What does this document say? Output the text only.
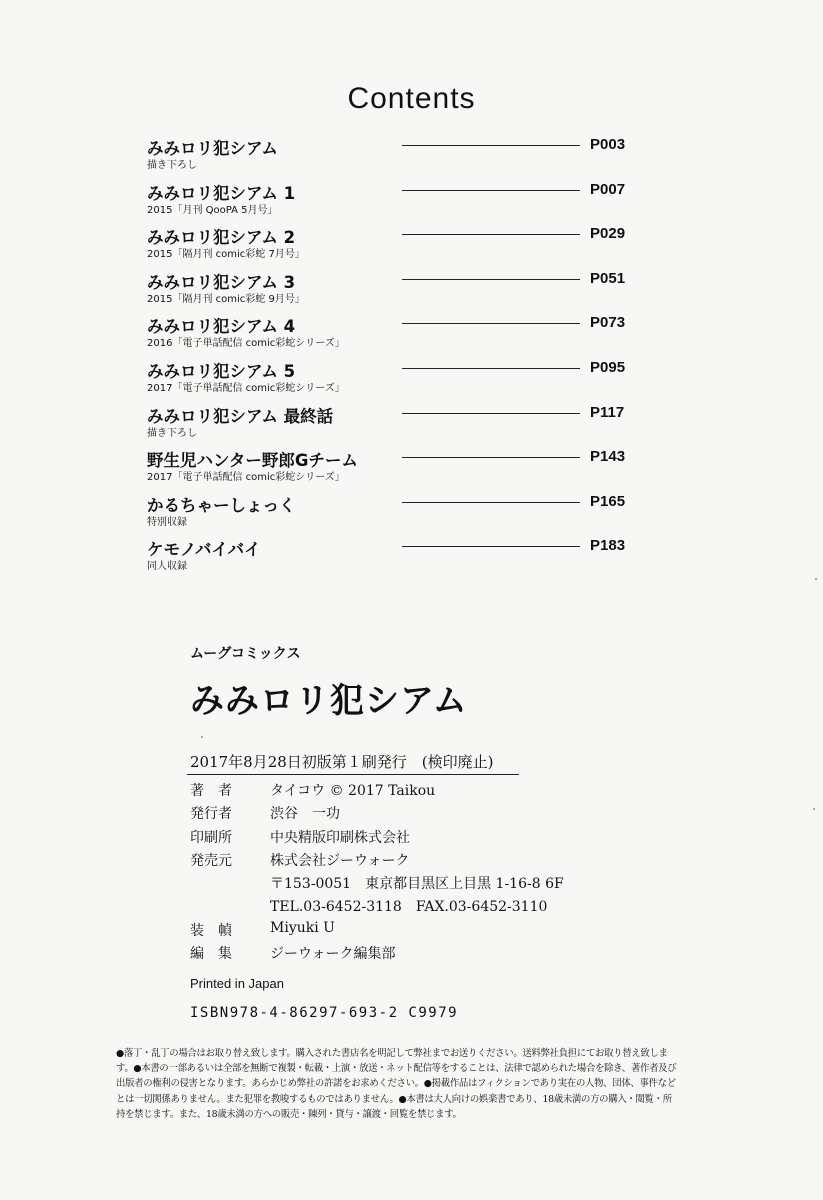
Contents
みみロリ犯シアム
描き下ろし
P003
みみロリ犯シアム 1
2015「月刊 QooPA 5月号」
P007
みみロリ犯シアム 2
2015「隔月刊 comic彩蛇 7月号」
P029
みみロリ犯シアム 3
2015「隔月刊 comic彩蛇 9月号」
P051
みみロリ犯シアム 4
2016「電子単話配信 comic彩蛇シリーズ」
P073
みみロリ犯シアム 5
2017「電子単話配信 comic彩蛇シリーズ」
P095
みみロリ犯シアム 最終話
描き下ろし
P117
野生児ハンター野郎Gチーム
2017「電子単話配信 comic彩蛇シリーズ」
P143
かるちゃーしょっく
特別収録
P165
ケモノバイバイ
同人収録
P183
ムーグコミックス
みみロリ犯シアム
2017年8月28日初版第１刷発行　(検印廃止)
著　者	タイコウ © 2017 Taikou
発行者	渋谷　一功
印刷所	中央精版印刷株式会社
発売元	株式会社ジーウォーク
〒153-0051　東京都目黒区上目黒 1-16-8 6F
TEL.03-6452-3118　FAX.03-6452-3110
装　幀	Miyuki U
編　集	ジーウォーク編集部
Printed in Japan
ISBN978-4-86297-693-2 C9979

●落丁・乱丁の場合はお取り替え致します。購入された書店名を明記して弊社までお送りください。送料弊社負担にてお取り替え致しま

す。●本書の一部あるいは全部を無断で複製・転載・上演・放送・ネット配信等をすることは、法律で認められた場合を除き、著作者及び

出版者の権利の侵害となります。あらかじめ弊社の許諾をお求めください。●掲載作品はフィクションであり実在の人物、団体、事件など

とは一切関係ありません。また犯罪を教唆するものではありません。●本書は大人向けの娯楽書であり、18歳未満の方の購入・閲覧・所

持を禁じます。また、18歳未満の方への販売・陳列・貸与・譲渡・回覧を禁じます。
